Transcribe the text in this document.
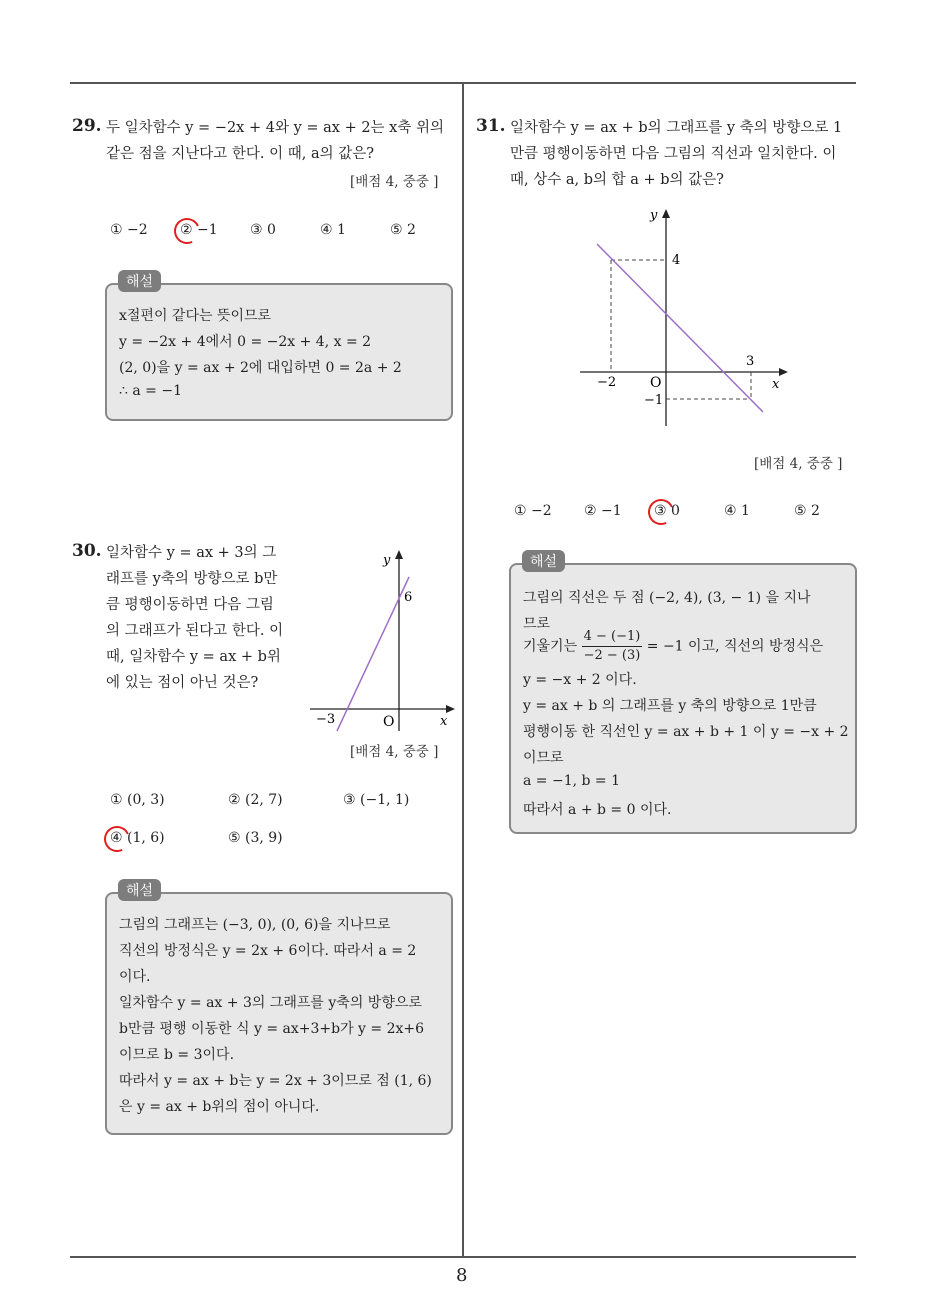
8
29. 두 일차함수 y = −2x + 4와 y = ax + 2는 x축 위의
같은 점을 지난다고 한다. 이 때, a의 값은?
[배점 4, 중중 ]
① −2 ② −1 ③ 0	④ 1	⑤ 2
x절편이 같다는 뜻이므로
y = −2x + 4에서 0 = −2x + 4, x = 2
(2, 0)을 y = ax + 2에 대입하면 0 = 2a + 2
∴ a = −1
해설
30. 일차함수 y = ax + 3의 그
래프를 y축의 방향으로 b만
큼 평행이동하면 다음 그림
의 그래프가 된다고 한다. 이
때, 일차함수 y = ax + b위
에 있는 점이 아닌 것은?
y
x
O
6
−3
[배점 4, 중중 ]
① (0, 3)	② (2, 7)	③ (−1, 1)
④ (1, 6)	⑤ (3, 9)
그림의 그래프는 (−3, 0), (0, 6)을 지나므로
직선의 방정식은 y = 2x + 6이다. 따라서 a = 2
이다.
일차함수 y = ax + 3의 그래프를 y축의 방향으로
b만큼 평행 이동한 식 y = ax+3+b가 y = 2x+6
이므로 b = 3이다.
따라서 y = ax + b는 y = 2x + 3이므로 점 (1, 6)
은 y = ax + b위의 점이 아니다.
해설
31. 일차함수 y = ax + b의 그래프를 y 축의 방향으로 1
만큼 평행이동하면 다음 그림의 직선과 일치한다. 이
때, 상수 a, b의 합 a + b의 값은?
y
x
O
4
−1
−2
3
[배점 4, 중중 ]
① −2 ② −1 ③ 0	④ 1	⑤ 2
그림의 직선은 두 점 (−2, 4), (3, − 1) 을 지나
므로
기울기는 $\frac{4 - (-1)}{-2 - (3)} = -1$ 이고, 직선의 방정식은
y = −x + 2 이다.
y = ax + b 의 그래프를 y 축의 방향으로 1만큼
평행이동 한 직선인 y = ax + b + 1 이 y = −x + 2
이므로
a = −1, b = 1
따라서 a + b = 0 이다.
해설
